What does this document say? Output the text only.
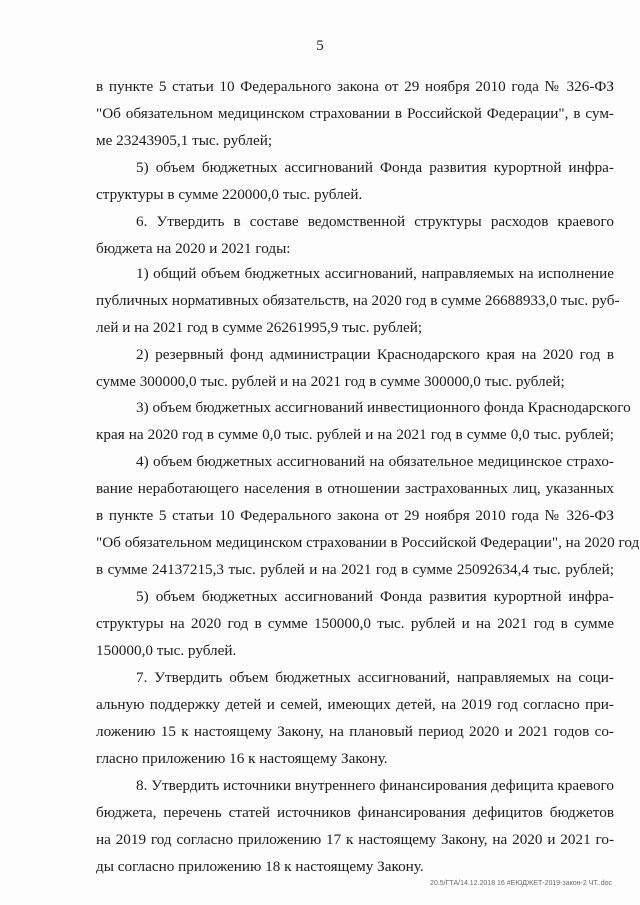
5
в пункте 5 статьи 10 Федерального закона от 29 ноября 2010 года № 326-ФЗ
"Об обязательном медицинском страховании в Российской Федерации", в сум-
ме 23243905,1 тыс. рублей;
5) объем бюджетных ассигнований Фонда развития курортной инфра-
структуры в сумме 220000,0 тыс. рублей.
6. Утвердить в составе ведомственной структуры расходов краевого
бюджета на 2020 и 2021 годы:
1) общий объем бюджетных ассигнований, направляемых на исполнение
публичных нормативных обязательств, на 2020 год в сумме 26688933,0 тыс. руб-
лей и на 2021 год в сумме 26261995,9 тыс. рублей;
2) резервный фонд администрации Краснодарского края на 2020 год в
сумме 300000,0 тыс. рублей и на 2021 год в сумме 300000,0 тыс. рублей;
3) объем бюджетных ассигнований инвестиционного фонда Краснодарского
края на 2020 год в сумме 0,0 тыс. рублей и на 2021 год в сумме 0,0 тыс. рублей;
4) объем бюджетных ассигнований на обязательное медицинское страхо-
вание неработающего населения в отношении застрахованных лиц, указанных
в пункте 5 статьи 10 Федерального закона от 29 ноября 2010 года № 326-ФЗ
"Об обязательном медицинском страховании в Российской Федерации", на 2020 год
в сумме 24137215,3 тыс. рублей и на 2021 год в сумме 25092634,4 тыс. рублей;
5) объем бюджетных ассигнований Фонда развития курортной инфра-
структуры на 2020 год в сумме 150000,0 тыс. рублей и на 2021 год в сумме
150000,0 тыс. рублей.
7. Утвердить объем бюджетных ассигнований, направляемых на соци-
альную поддержку детей и семей, имеющих детей, на 2019 год согласно при-
ложению 15 к настоящему Закону, на плановый период 2020 и 2021 годов со-
гласно приложению 16 к настоящему Закону.
8. Утвердить источники внутреннего финансирования дефицита краевого
бюджета, перечень статей источников финансирования дефицитов бюджетов
на 2019 год согласно приложению 17 к настоящему Закону, на 2020 и 2021 го-
ды согласно приложению 18 к настоящему Закону.
20.5/ГТА/14.12.2018 16 #ЕЮДЖЕТ-2019-закон-2 ЧТ..doc
